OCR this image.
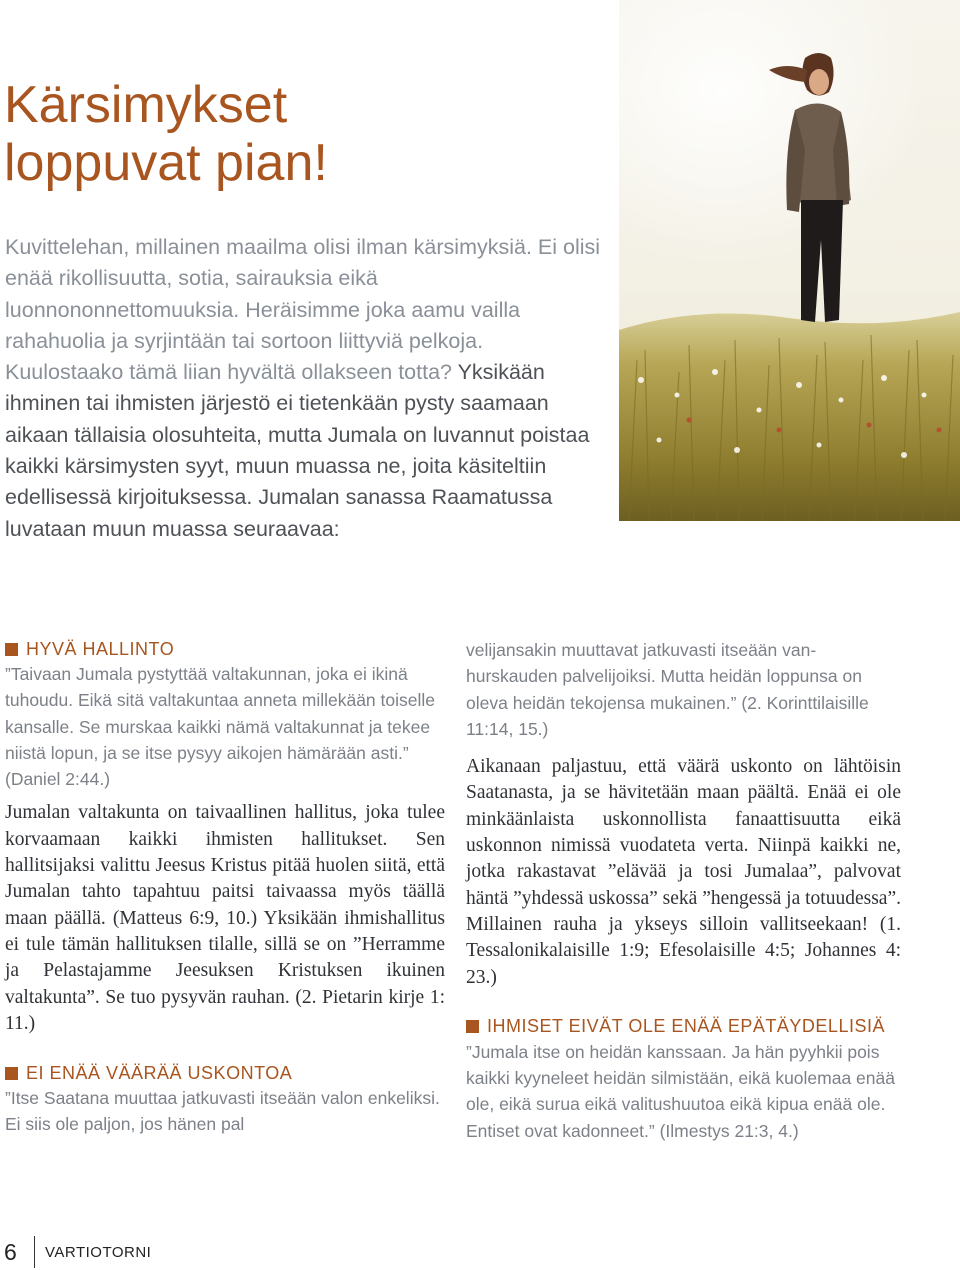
Kärsimykset
loppuvat pian!

Kuvittelehan, millainen maailma olisi ilman kärsimyksiä. Ei olisi enää rikollisuutta, sotia, sairauksia eikä luonnononnettomuuksia. Heräisimme joka aamu vailla rahahuolia ja syrjintään tai sortoon liittyviä pelkoja. Kuulostaako tämä liian hyvältä ollakseen totta? Yksikään ihminen tai ihmisten järjestö ei tietenkään pysty saamaan aikaan tällaisia olosuhteita, mutta Jumala on luvannut poistaa kaikki kärsimysten syyt, muun muassa ne, joita käsiteltiin edellisessä kirjoituksessa. Jumalan sanassa Raamatussa luvataan muun muassa seuraavaa:

HYVÄ HALLINTO

”Taivaan Jumala pystyttää valtakunnan, joka ei ikinä tuhoudu. Eikä sitä valtakuntaa anneta millekään toiselle kansalle. Se murskaa kaikki nämä valtakunnat ja tekee niistä lopun, ja se itse pysyy aikojen hämärään asti.” (Daniel 2:44.)

Jumalan valtakunta on taivaallinen hallitus, joka tulee korvaamaan kaikki ihmisten hallitukset. Sen hallitsijaksi valittu Jeesus Kristus pitää huolen siitä, että Jumalan tahto tapahtuu paitsi taivaassa myös täällä maan päällä. (Matteus 6:9, 10.) Yksikään ihmishallitus ei tule tämän hallituksen tilalle, sillä se on ”Herramme ja Pelastajamme Jeesuksen Kristuksen ikuinen valtakunta”. Se tuo pysyvän rauhan. (2. Pietarin kirje 1: 11.)

EI ENÄÄ VÄÄRÄÄ USKONTOA

”Itse Saatana muuttaa jatkuvasti itseään valon enkeliksi. Ei siis ole paljon, jos hänen pal

velijansakin muuttavat jatkuvasti itseään vanhurskauden palvelijoiksi. Mutta heidän loppunsa on oleva heidän tekojensa mukainen.” (2. Korinttilaisille 11:14, 15.)

Aikanaan paljastuu, että väärä uskonto on lähtöisin Saatanasta, ja se hävitetään maan päältä. Enää ei ole minkäänlaista uskonnollista fanaattisuutta eikä uskonnon nimissä vuodateta verta. Niinpä kaikki ne, jotka rakastavat ”elävää ja tosi Jumalaa”, palvovat häntä ”yhdessä uskossa” sekä ”hengessä ja totuudessa”. Millainen rauha ja ykseys silloin vallitseekaan! (1. Tessalonikalaisille 1:9; Efesolaisille 4:5; Johannes 4: 23.)

IHMISET EIVÄT OLE ENÄÄ EPÄTÄYDELLISIÄ

”Jumala itse on heidän kanssaan. Ja hän pyyhkii pois kaikki kyyneleet heidän silmistään, eikä kuolemaa enää ole, eikä surua eikä valitushuutoa eikä kipua enää ole. Entiset ovat kadonneet.” (Ilmestys 21:3, 4.)

6	VARTIOTORNI
